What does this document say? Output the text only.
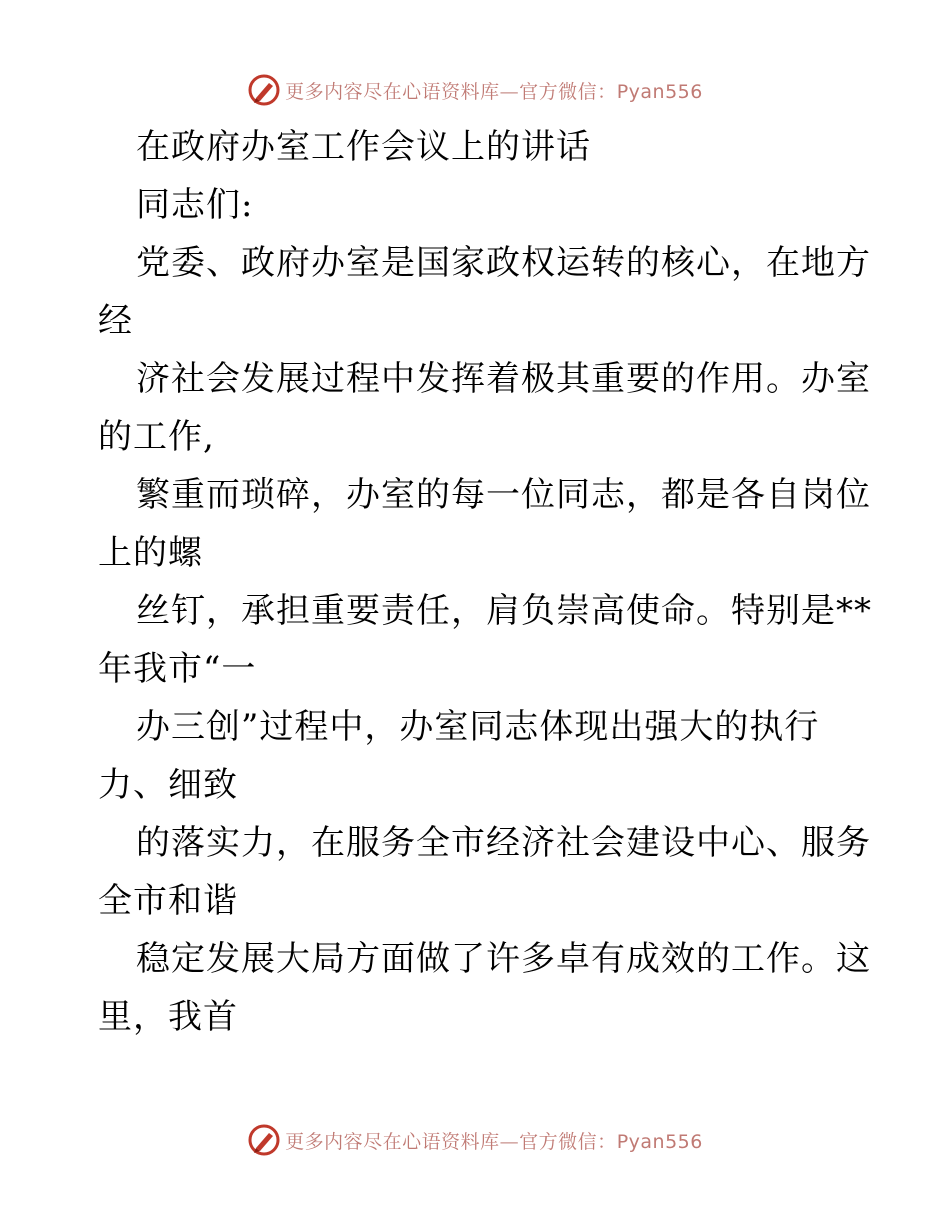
更多内容尽在心语资料库—官方微信：Pyan556
在政府办室工作会议上的讲话
同志们:
党委、政府办室是国家政权运转的核心，在地方
经
济社会发展过程中发挥着极其重要的作用。办室
的工作,
繁重而琐碎，办室的每一位同志，都是各自岗位
上的螺
丝钉，承担重要责任，肩负崇高使命。特别是**
年我市“一
办三创”过程中，办室同志体现出强大的执行
力、细致
的落实力，在服务全市经济社会建设中心、服务
全市和谐
稳定发展大局方面做了许多卓有成效的工作。这
里，我首
更多内容尽在心语资料库—官方微信：Pyan556
